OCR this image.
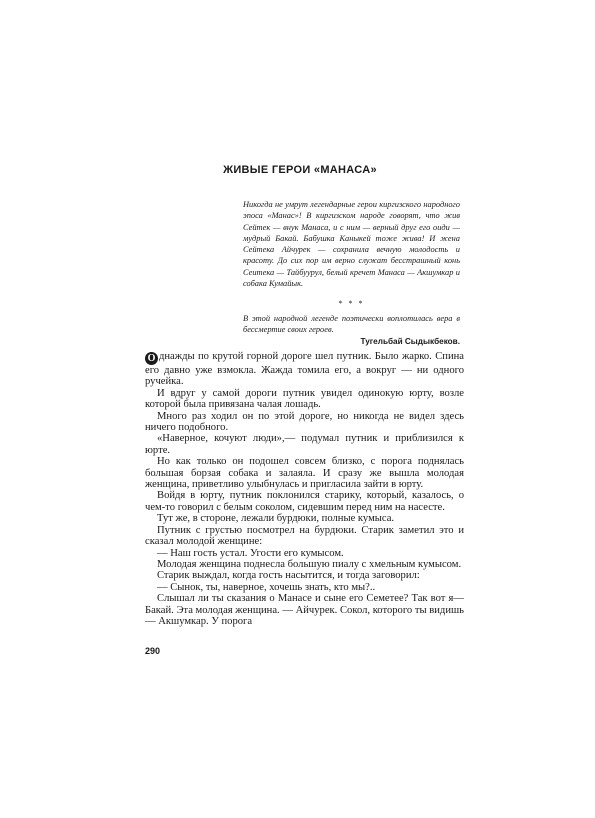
ЖИВЫЕ ГЕРОИ «МАНАСА»

Никогда не умрут легендарные герои киргизского народного эпоса «Манас»! В киргизском народе говорят, что жив Сейтек — внук Манаса, и с ним — верный друг его оиди — мудрый Бакай. Бабушка Каныкей тоже жива! И жена Сейтека Айчурек — сохранила вечную молодость и красоту. До сих пор им верно служат бесстрашный конь Сеитека — Тайбуурул, белый кречет Манаса — Акшумкар и собака Кумайык.

* * *

В этой народной легенде поэтически воплотилась вера в бессмертие своих героев.

Тугельбай Сыдыкбеков.

О днажды по крутой горной дороге шел путник. Было жарко. Спина его давно уже взмокла. Жажда томила его, а вокруг — ни одного ручейка.

И вдруг у самой дороги путник увидел одинокую юрту, возле которой была привязана чалая лошадь.

Много раз ходил он по этой дороге, но никогда не видел здесь ничего подобного.

«Наверное, кочуют люди»,— подумал путник и приблизился к юрте.

Но как только он подошел совсем близко, с порога поднялась большая борзая собака и залаяла. И сразу же вышла молодая женщина, приветливо улыбнулась и пригласила зайти в юрту.

Войдя в юрту, путник поклонился старику, который, казалось, о чем-то говорил с белым соколом, сидевшим перед ним на насесте.

Тут же, в стороне, лежали бурдюки, полные кумыса.

Путник с грустью посмотрел на бурдюки. Старик заметил это и сказал молодой женщине:

— Наш гость устал. Угости его кумысом.

Молодая женщина поднесла большую пиалу с хмельным кумысом.

Старик выждал, когда гость насытится, и тогда заговорил:

— Сынок, ты, наверное, хочешь знать, кто мы?..

Слышал ли ты сказания о Манасе и сыне его Семетее? Так вот я—Бакай. Эта молодая женщина. — Айчурек. Сокол, которого ты видишь — Акшумкар. У порога

290
